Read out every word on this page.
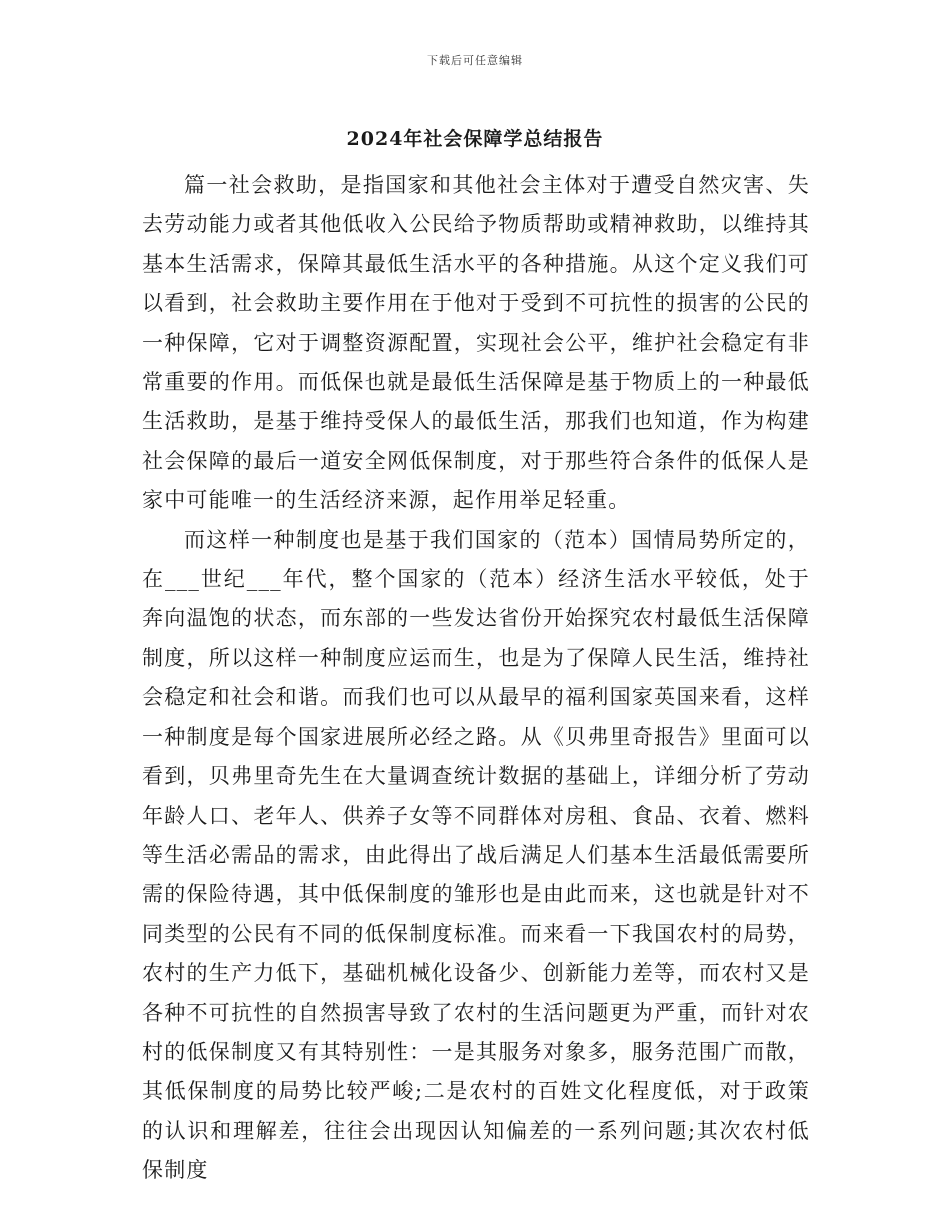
下载后可任意编辑
2024年社会保障学总结报告

篇一社会救助，是指国家和其他社会主体对于遭受自然灾害、失去劳动能力或者其他低收入公民给予物质帮助或精神救助，以维持其基本生活需求，保障其最低生活水平的各种措施。从这个定义我们可以看到，社会救助主要作用在于他对于受到不可抗性的损害的公民的一种保障，它对于调整资源配置，实现社会公平，维护社会稳定有非常重要的作用。而低保也就是最低生活保障是基于物质上的一种最低生活救助，是基于维持受保人的最低生活，那我们也知道，作为构建社会保障的最后一道安全网低保制度，对于那些符合条件的低保人是家中可能唯一的生活经济来源，起作用举足轻重。

而这样一种制度也是基于我们国家的（范本）国情局势所定的，在___世纪___年代，整个国家的（范本）经济生活水平较低，处于奔向温饱的状态，而东部的一些发达省份开始探究农村最低生活保障制度，所以这样一种制度应运而生，也是为了保障人民生活，维持社会稳定和社会和谐。而我们也可以从最早的福利国家英国来看，这样一种制度是每个国家进展所必经之路。从《贝弗里奇报告》里面可以看到，贝弗里奇先生在大量调查统计数据的基础上，详细分析了劳动年龄人口、老年人、供养子女等不同群体对房租、食品、衣着、燃料等生活必需品的需求，由此得出了战后满足人们基本生活最低需要所需的保险待遇，其中低保制度的雏形也是由此而来，这也就是针对不同类型的公民有不同的低保制度标准。而来看一下我国农村的局势，农村的生产力低下，基础机械化设备少、创新能力差等，而农村又是各种不可抗性的自然损害导致了农村的生活问题更为严重，而针对农村的低保制度又有其特别性：一是其服务对象多，服务范围广而散，其低保制度的局势比较严峻;二是农村的百姓文化程度低，对于政策的认识和理解差，往往会出现因认知偏差的一系列问题;其次农村低保制度
